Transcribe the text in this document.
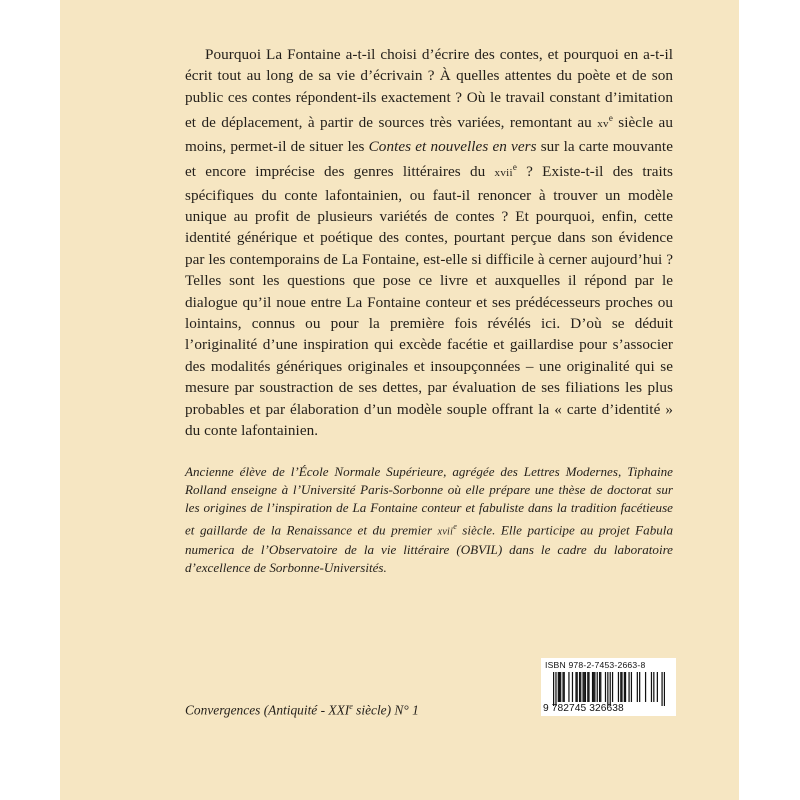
Pourquoi La Fontaine a-t-il choisi d’écrire des contes, et pourquoi en a-t-il écrit tout au long de sa vie d’écrivain ? À quelles attentes du poète et de son public ces contes répondent-ils exactement ? Où le travail constant d’imitation et de déplacement, à partir de sources très variées, remontant au $xv^e$ siècle au moins, permet-il de situer les Contes et nouvelles en vers sur la carte mouvante et encore imprécise des genres littéraires du xvii$^e$ ? Existe-t-il des traits spécifiques du conte lafontainien, ou faut-il renoncer à trouver un modèle unique au profit de plusieurs variétés de contes ? Et pourquoi, enfin, cette identité générique et poétique des contes, pourtant perçue dans son évidence par les contemporains de La Fontaine, est-elle si difficile à cerner aujourd’hui ? Telles sont les questions que pose ce livre et auxquelles il répond par le dialogue qu’il noue entre La Fontaine conteur et ses prédécesseurs proches ou lointains, connus ou pour la première fois révélés ici. D’où se déduit l’originalité d’une inspiration qui excède facétie et gaillardise pour s’associer des modalités génériques originales et insoupçonnées – une originalité qui se mesure par soustraction de ses dettes, par évaluation de ses filiations les plus probables et par élaboration d’un modèle souple offrant la « carte d’identité » du conte lafontainien.

Ancienne élève de l’École Normale Supérieure, agrégée des Lettres Modernes, Tiphaine Rolland enseigne à l’Université Paris-Sorbonne où elle prépare une thèse de doctorat sur les origines de l’inspiration de La Fontaine conteur et fabuliste dans la tradition facétieuse et gaillarde de la Renaissance et du premier xvii$^e$ siècle. Elle participe au projet Fabula numerica de l’Observatoire de la vie littéraire (OBVIL) dans le cadre du laboratoire d’excellence de Sorbonne-Universités.

Convergences (Antiquité - XXIe siècle) N° 1
ISBN 978-2-7453-2663-8
9 782745 326638
